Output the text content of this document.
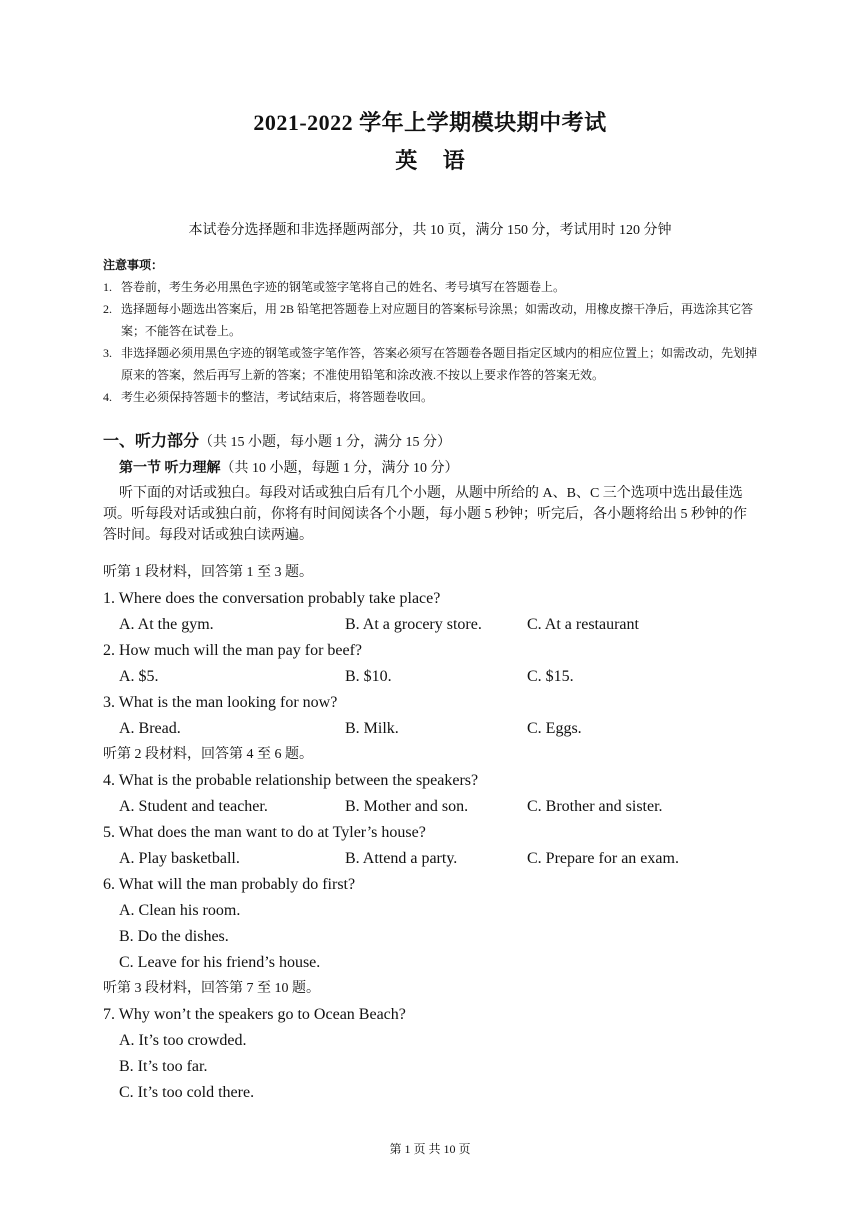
2021-2022 学年上学期模块期中考试
英 语
本试卷分选择题和非选择题两部分，共 10 页，满分 150 分，考试用时 120 分钟
注意事项：
1. 答卷前，考生务必用黑色字迹的钢笔或签字笔将自己的姓名、考号填写在答题卷上。
2. 选择题每小题选出答案后，用 2B 铅笔把答题卷上对应题目的答案标号涂黑；如需改动，用橡皮擦干净后，再选涂其它答案；不能答在试卷上。
3. 非选择题必须用黑色字迹的钢笔或签字笔作答，答案必须写在答题卷各题目指定区域内的相应位置上；如需改动，先划掉原来的答案，然后再写上新的答案；不准使用铅笔和涂改液.不按以上要求作答的答案无效。
4. 考生必须保持答题卡的整洁，考试结束后，将答题卷收回。
一、听力部分（共 15 小题，每小题 1 分，满分 15 分）
第一节 听力理解（共 10 小题，每题 1 分，满分 10 分）
听下面的对话或独白。每段对话或独白后有几个小题，从题中所给的 A、B、C 三个选项中选出最佳选项。听每段对话或独白前，你将有时间阅读各个小题，每小题 5 秒钟；听完后，各小题将给出 5 秒钟的作答时间。每段对话或独白读两遍。
听第 1 段材料，回答第 1 至 3 题。
1. Where does the conversation probably take place?
A. At the gym.	B. At a grocery store.	C. At a restaurant
2. How much will the man pay for beef?
A. $5.	B. $10.	C. $15.
3. What is the man looking for now?
A. Bread.	B. Milk.	C. Eggs.
听第 2 段材料，回答第 4 至 6 题。
4. What is the probable relationship between the speakers?
A. Student and teacher.	B. Mother and son.	C. Brother and sister.
5. What does the man want to do at Tyler’s house?
A. Play basketball.	B. Attend a party.	C. Prepare for an exam.
6. What will the man probably do first?
A. Clean his room.
B. Do the dishes.
C. Leave for his friend’s house.
听第 3 段材料，回答第 7 至 10 题。
7. Why won’t the speakers go to Ocean Beach?
A. It’s too crowded.
B. It’s too far.
C. It’s too cold there.
第 1 页 共 10 页
